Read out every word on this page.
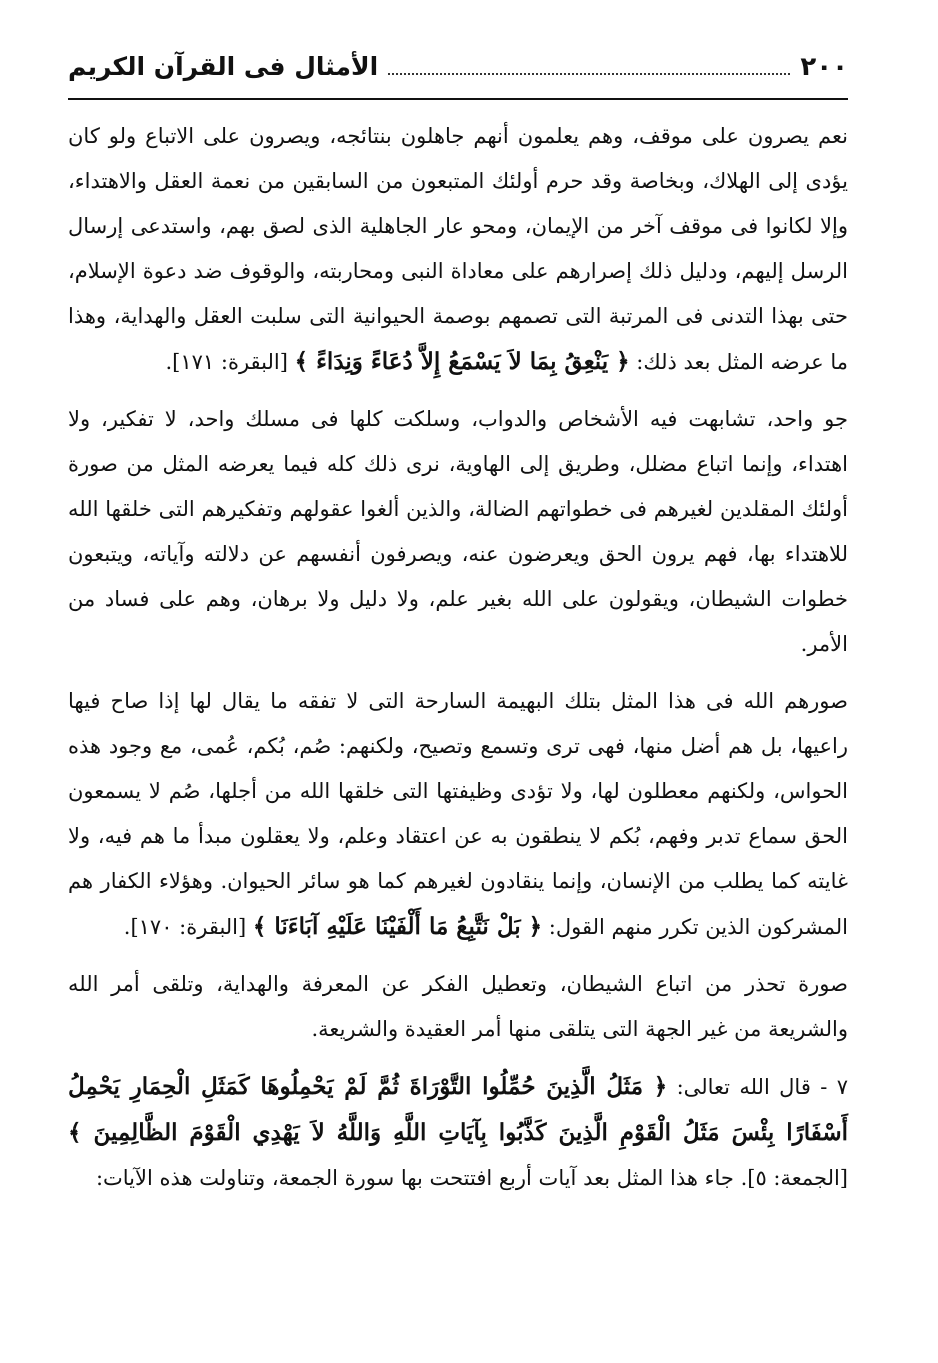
٢٠٠
الأمثال فى القرآن الكريم

نعم يصرون على موقف، وهم يعلمون أنهم جاهلون بنتائجه، ويصرون على الاتباع ولو كان يؤدى إلى الهلاك، وبخاصة وقد حرم أولئك المتبعون من السابقين من نعمة العقل والاهتداء، وإلا لكانوا فى موقف آخر من الإيمان، ومحو عار الجاهلية الذى لصق بهم، واستدعى إرسال الرسل إليهم، ودليل ذلك إصرارهم على معاداة النبى ومحاربته، والوقوف ضد دعوة الإسلام، حتى بهذا التدنى فى المرتبة التى تصمهم بوصمة الحيوانية التى سلبت العقل والهداية، وهذا ما عرضه المثل بعد ذلك: ﴿ يَنْعِقُ بِمَا لاَ يَسْمَعُ إِلاَّ دُعَاءً وَنِدَاءً ﴾ [البقرة: ١٧١].

جو واحد، تشابهت فيه الأشخاص والدواب، وسلكت كلها فى مسلك واحد، لا تفكير، ولا اهتداء، وإنما اتباع مضلل، وطريق إلى الهاوية، نرى ذلك كله فيما يعرضه المثل من صورة أولئك المقلدين لغيرهم فى خطواتهم الضالة، والذين ألغوا عقولهم وتفكيرهم التى خلقها الله للاهتداء بها، فهم يرون الحق ويعرضون عنه، ويصرفون أنفسهم عن دلالته وآياته، ويتبعون خطوات الشيطان، ويقولون على الله بغير علم، ولا دليل ولا برهان، وهم على فساد من الأمر.

صورهم الله فى هذا المثل بتلك البهيمة السارحة التى لا تفقه ما يقال لها إذا صاح فيها راعيها، بل هم أضل منها، فهى ترى وتسمع وتصيح، ولكنهم: صُم، بُكم، عُمى، مع وجود هذه الحواس، ولكنهم معطلون لها، ولا تؤدى وظيفتها التى خلقها الله من أجلها، صُم لا يسمعون الحق سماع تدبر وفهم، بُكم لا ينطقون به عن اعتقاد وعلم، ولا يعقلون مبدأ ما هم فيه، ولا غايته كما يطلب من الإنسان، وإنما ينقادون لغيرهم كما هو سائر الحيوان. وهؤلاء الكفار هم المشركون الذين تكرر منهم القول: ﴿ بَلْ نَتَّبِعُ مَا أَلْفَيْنَا عَلَيْهِ آبَاءَنَا ﴾ [البقرة: ١٧٠].

صورة تحذر من اتباع الشيطان، وتعطيل الفكر عن المعرفة والهداية، وتلقى أمر الله والشريعة من غير الجهة التى يتلقى منها أمر العقيدة والشريعة.

٧ - قال الله تعالى: ﴿ مَثَلُ الَّذِينَ حُمِّلُوا التَّوْرَاةَ ثُمَّ لَمْ يَحْمِلُوهَا كَمَثَلِ الْحِمَارِ يَحْمِلُ أَسْفَارًا بِئْسَ مَثَلُ الْقَوْمِ الَّذِينَ كَذَّبُوا بِآيَاتِ اللَّهِ وَاللَّهُ لاَ يَهْدِي الْقَوْمَ الظَّالِمِينَ ﴾ [الجمعة: ٥]. جاء هذا المثل بعد آيات أربع افتتحت بها سورة الجمعة، وتناولت هذه الآيات:
